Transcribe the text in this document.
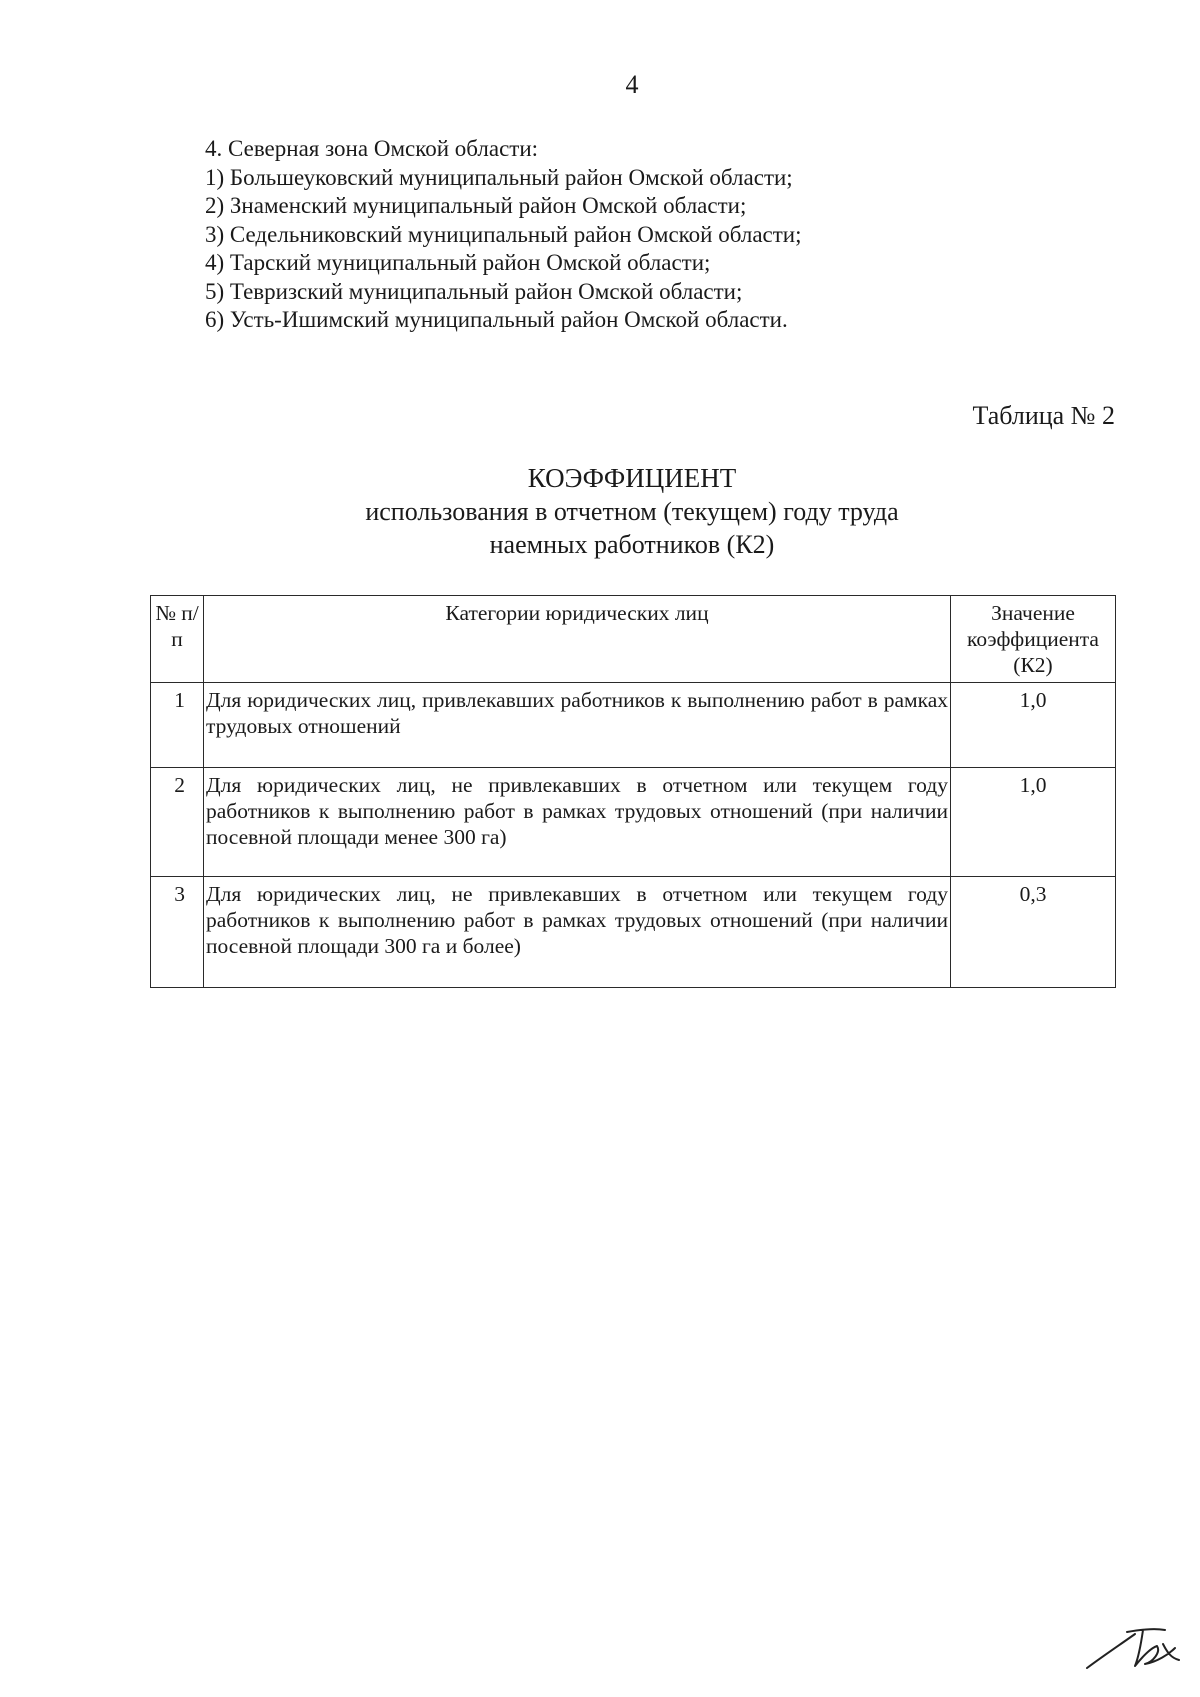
4
4. Северная зона Омской области:
1) Большеуковский муниципальный район Омской области;
2) Знаменский муниципальный район Омской области;
3) Седельниковский муниципальный район Омской области;
4) Тарский муниципальный район Омской области;
5) Тевризский муниципальный район Омской области;
6) Усть-Ишимский муниципальный район Омской области.
Таблица № 2
КОЭФФИЦИЕНТ
использования в отчетном (текущем) году труда
наемных работников (К2)
№ п/п	Категории юридических лиц	Значение коэффициента (К2)
1	Для юридических лиц, привлекавших работников к выполнению работ в рамках трудовых отношений	1,0
2	Для юридических лиц, не привлекавших в отчетном или текущем году работников к выполнению работ в рамках трудовых отношений (при наличии посевной площади менее 300 га)	1,0
3	Для юридических лиц, не привлекавших в отчетном или текущем году работников к выполнению работ в рамках трудовых отношений (при наличии посевной площади 300 га и более)	0,3
